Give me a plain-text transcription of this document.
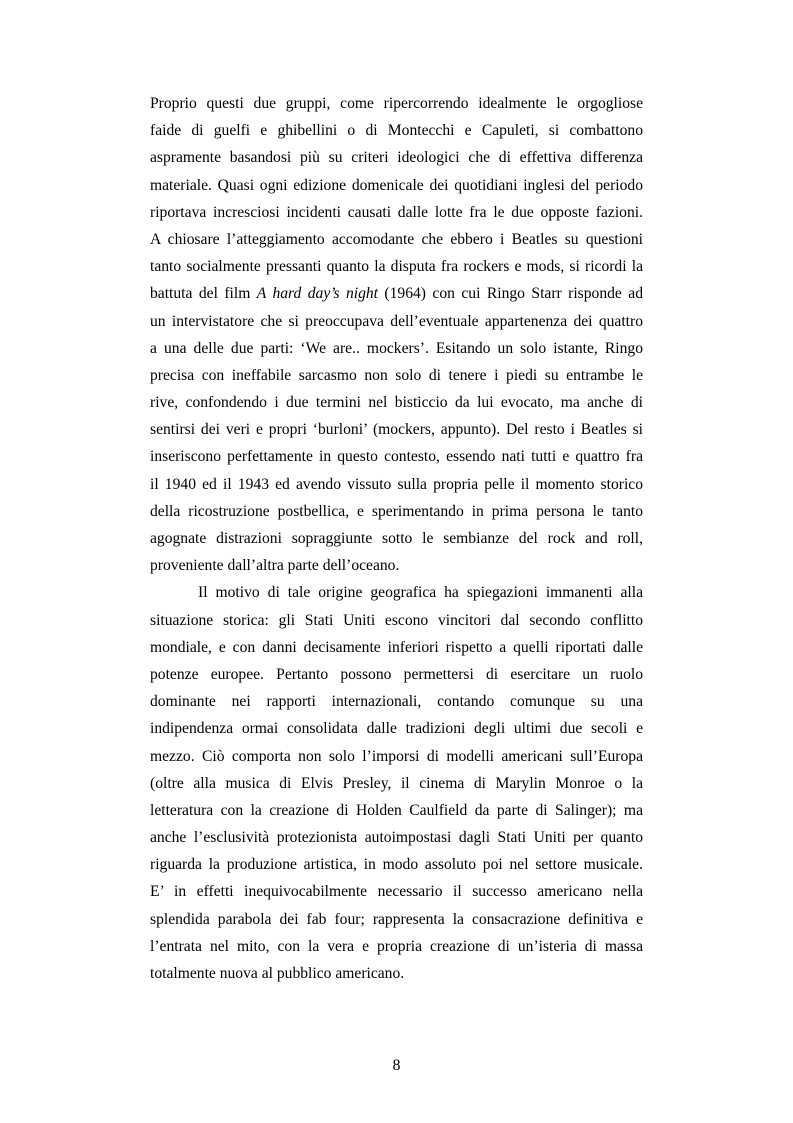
Proprio questi due gruppi, come ripercorrendo idealmente le orgogliose
faide di guelfi e ghibellini o di Montecchi e Capuleti, si combattono
aspramente basandosi più su criteri ideologici che di effettiva differenza
materiale. Quasi ogni edizione domenicale dei quotidiani inglesi del periodo
riportava incresciosi incidenti causati dalle lotte fra le due opposte fazioni.
A chiosare l’atteggiamento accomodante che ebbero i Beatles su questioni
tanto socialmente pressanti quanto la disputa fra rockers e mods, si ricordi la
battuta del film A hard day’s night (1964) con cui Ringo Starr risponde ad
un intervistatore che si preoccupava dell’eventuale appartenenza dei quattro
a una delle due parti: ‘We are.. mockers’. Esitando un solo istante, Ringo
precisa con ineffabile sarcasmo non solo di tenere i piedi su entrambe le
rive, confondendo i due termini nel bisticcio da lui evocato, ma anche di
sentirsi dei veri e propri ‘burloni’ (mockers, appunto). Del resto i Beatles si
inseriscono perfettamente in questo contesto, essendo nati tutti e quattro fra
il 1940 ed il 1943 ed avendo vissuto sulla propria pelle il momento storico
della ricostruzione postbellica, e sperimentando in prima persona le tanto
agognate distrazioni sopraggiunte sotto le sembianze del rock and roll,
proveniente dall’altra parte dell’oceano.
Il motivo di tale origine geografica ha spiegazioni immanenti alla
situazione storica: gli Stati Uniti escono vincitori dal secondo conflitto
mondiale, e con danni decisamente inferiori rispetto a quelli riportati dalle
potenze europee. Pertanto possono permettersi di esercitare un ruolo
dominante nei rapporti internazionali, contando comunque su una
indipendenza ormai consolidata dalle tradizioni degli ultimi due secoli e
mezzo. Ciò comporta non solo l’imporsi di modelli americani sull’Europa
(oltre alla musica di Elvis Presley, il cinema di Marylin Monroe o la
letteratura con la creazione di Holden Caulfield da parte di Salinger); ma
anche l’esclusività protezionista autoimpostasi dagli Stati Uniti per quanto
riguarda la produzione artistica, in modo assoluto poi nel settore musicale.
E’ in effetti inequivocabilmente necessario il successo americano nella
splendida parabola dei fab four; rappresenta la consacrazione definitiva e
l’entrata nel mito, con la vera e propria creazione di un’isteria di massa
totalmente nuova al pubblico americano.
8
